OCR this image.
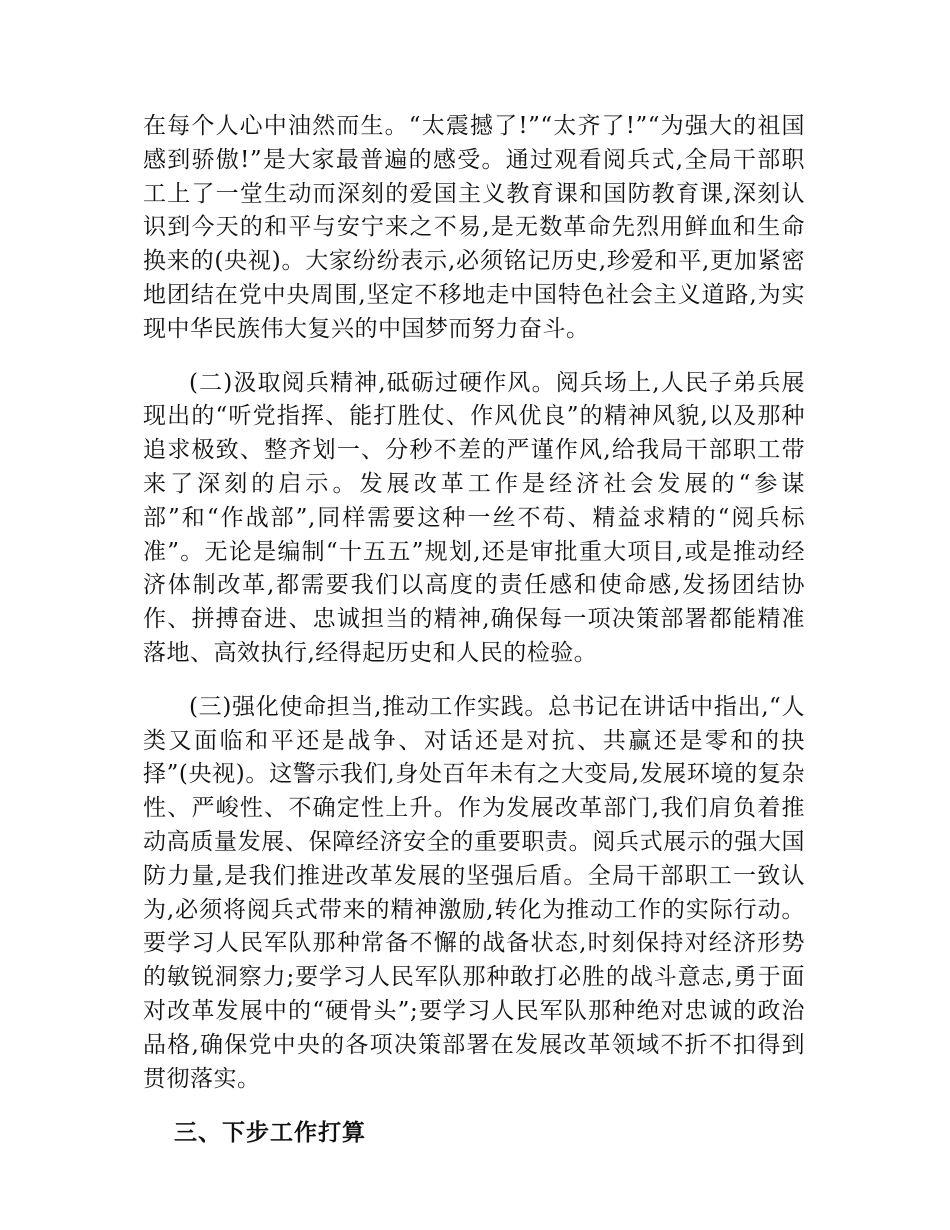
在每个人心中油然而生。“太震撼了!”“太齐了!”“为强大的祖国感到骄傲!”是大家最普遍的感受。通过观看阅兵式,全局干部职工上了一堂生动而深刻的爱国主义教育课和国防教育课,深刻认识到今天的和平与安宁来之不易,是无数革命先烈用鲜血和生命换来的(央视)。大家纷纷表示,必须铭记历史,珍爱和平,更加紧密地团结在党中央周围,坚定不移地走中国特色社会主义道路,为实现中华民族伟大复兴的中国梦而努力奋斗。

(二)汲取阅兵精神,砥砺过硬作风。阅兵场上,人民子弟兵展现出的“听党指挥、能打胜仗、作风优良”的精神风貌,以及那种追求极致、整齐划一、分秒不差的严谨作风,给我局干部职工带来了深刻的启示。发展改革工作是经济社会发展的“参谋部”和“作战部”,同样需要这种一丝不苟、精益求精的“阅兵标准”。无论是编制“十五五”规划,还是审批重大项目,或是推动经济体制改革,都需要我们以高度的责任感和使命感,发扬团结协作、拼搏奋进、忠诚担当的精神,确保每一项决策部署都能精准落地、高效执行,经得起历史和人民的检验。

(三)强化使命担当,推动工作实践。总书记在讲话中指出,“人类又面临和平还是战争、对话还是对抗、共赢还是零和的抉择”(央视)。这警示我们,身处百年未有之大变局,发展环境的复杂性、严峻性、不确定性上升。作为发展改革部门,我们肩负着推动高质量发展、保障经济安全的重要职责。阅兵式展示的强大国防力量,是我们推进改革发展的坚强后盾。全局干部职工一致认为,必须将阅兵式带来的精神激励,转化为推动工作的实际行动。要学习人民军队那种常备不懈的战备状态,时刻保持对经济形势的敏锐洞察力;要学习人民军队那种敢打必胜的战斗意志,勇于面对改革发展中的“硬骨头”;要学习人民军队那种绝对忠诚的政治品格,确保党中央的各项决策部署在发展改革领域不折不扣得到贯彻落实。

三、下步工作打算
